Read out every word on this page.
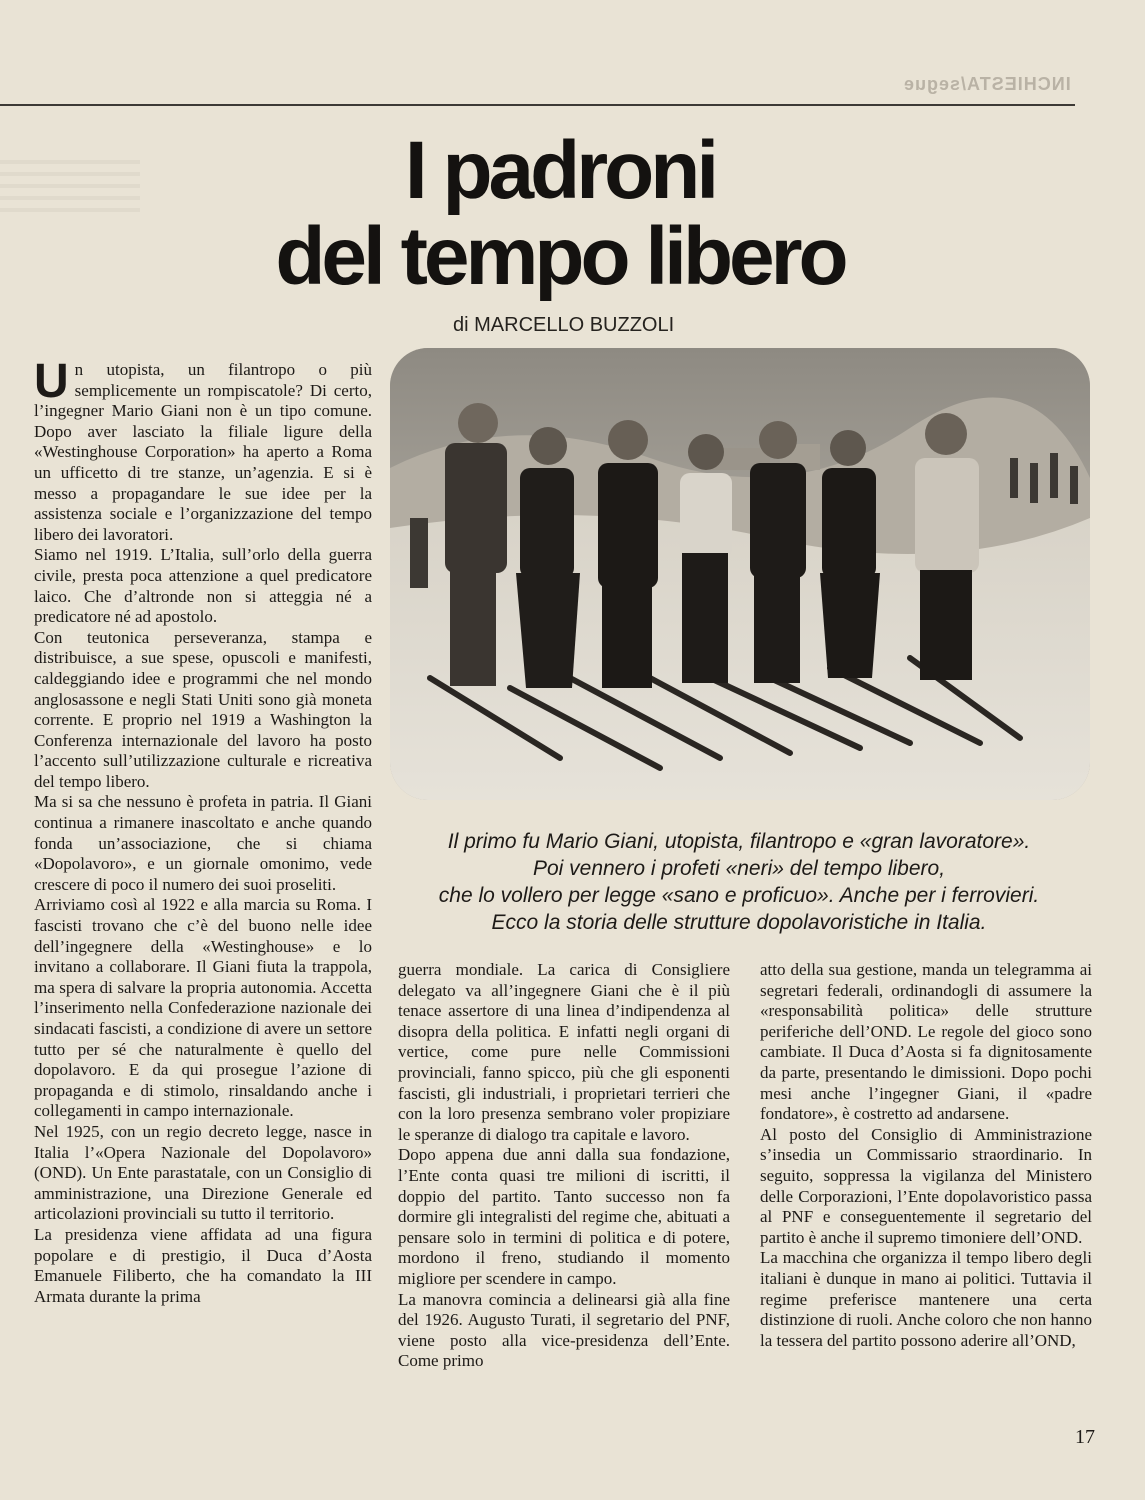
INCHIESTA/segue
I padroni
del tempo libero
di MARCELLO BUZZOLI
Il primo fu Mario Giani, utopista, filantropo e «gran lavoratore».
Poi vennero i profeti «neri» del tempo libero,
che lo vollero per legge «sano e proficuo». Anche per i ferrovieri.
Ecco la storia delle strutture dopolavoristiche in Italia.

Un utopista, un filantropo o più semplicemente un rompiscatole? Di certo, l’ingegner Mario Giani non è un tipo comune. Dopo aver lasciato la filiale ligure della «Westinghouse Corporation» ha aperto a Roma un ufficetto di tre stanze, un’agenzia. E si è messo a propagandare le sue idee per la assistenza sociale e l’organizzazione del tempo libero dei lavoratori.

Siamo nel 1919. L’Italia, sull’orlo della guerra civile, presta poca attenzione a quel predicatore laico. Che d’altronde non si atteggia né a predicatore né ad apostolo.

Con teutonica perseveranza, stampa e distribuisce, a sue spese, opuscoli e manifesti, caldeggiando idee e programmi che nel mondo anglosassone e negli Stati Uniti sono già moneta corrente. E proprio nel 1919 a Washington la Conferenza internazionale del lavoro ha posto l’accento sull’utilizzazione culturale e ricreativa del tempo libero.

Ma si sa che nessuno è profeta in patria. Il Giani continua a rimanere inascoltato e anche quando fonda un’associazione, che si chiama «Dopolavoro», e un giornale omonimo, vede crescere di poco il numero dei suoi proseliti.

Arriviamo così al 1922 e alla marcia su Roma. I fascisti trovano che c’è del buono nelle idee dell’ingegnere della «Westinghouse» e lo invitano a collaborare. Il Giani fiuta la trappola, ma spera di salvare la propria autonomia. Accetta l’inserimento nella Confederazione nazionale dei sindacati fascisti, a condizione di avere un settore tutto per sé che naturalmente è quello del dopolavoro. E da qui prosegue l’azione di propaganda e di stimolo, rinsaldando anche i collegamenti in campo internazionale.

Nel 1925, con un regio decreto legge, nasce in Italia l’«Opera Nazionale del Dopolavoro» (OND). Un Ente parastatale, con un Consiglio di amministrazione, una Direzione Generale ed articolazioni provinciali su tutto il territorio.

La presidenza viene affidata ad una figura popolare e di prestigio, il Duca d’Aosta Emanuele Filiberto, che ha comandato la III Armata durante la prima

guerra mondiale. La carica di Consigliere delegato va all’ingegnere Giani che è il più tenace assertore di una linea d’indipendenza al disopra della politica. E infatti negli organi di vertice, come pure nelle Commissioni provinciali, fanno spicco, più che gli esponenti fascisti, gli industriali, i proprietari terrieri che con la loro presenza sembrano voler propiziare le speranze di dialogo tra capitale e lavoro.

Dopo appena due anni dalla sua fondazione, l’Ente conta quasi tre milioni di iscritti, il doppio del partito. Tanto successo non fa dormire gli integralisti del regime che, abituati a pensare solo in termini di politica e di potere, mordono il freno, studiando il momento migliore per scendere in campo.

La manovra comincia a delinearsi già alla fine del 1926. Augusto Turati, il segretario del PNF, viene posto alla vice-presidenza dell’Ente. Come primo

atto della sua gestione, manda un telegramma ai segretari federali, ordinandogli di assumere la «responsabilità politica» delle strutture periferiche dell’OND. Le regole del gioco sono cambiate. Il Duca d’Aosta si fa dignitosamente da parte, presentando le dimissioni. Dopo pochi mesi anche l’ingegner Giani, il «padre fondatore», è costretto ad andarsene.

Al posto del Consiglio di Amministrazione s’insedia un Commissario straordinario. In seguito, soppressa la vigilanza del Ministero delle Corporazioni, l’Ente dopolavoristico passa al PNF e conseguentemente il segretario del partito è anche il supremo timoniere dell’OND.

La macchina che organizza il tempo libero degli italiani è dunque in mano ai politici. Tuttavia il regime preferisce mantenere una certa distinzione di ruoli. Anche coloro che non hanno la tessera del partito possono aderire all’OND,

17
